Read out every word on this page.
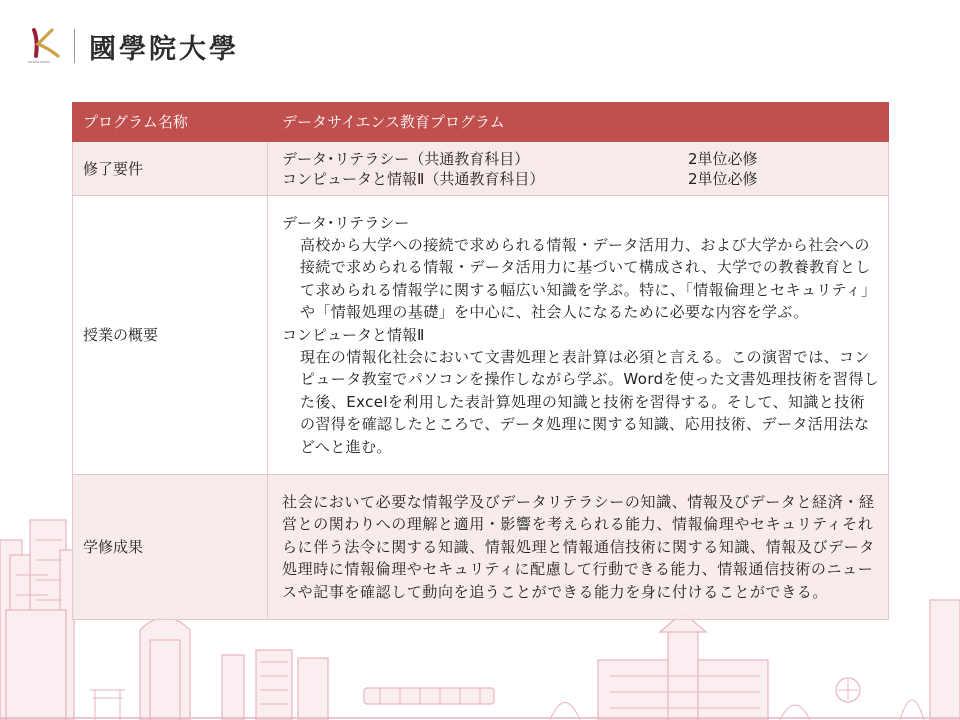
KOKUGAKUIN	國學院大學
プログラム名称	データサイエンス教育プログラム
修了要件	データ･リテラシー（共通教育科目） 2単位必修
コンピュータと情報Ⅱ（共通教育科目） 2単位必修

授業の概要	データ･リテラシー
高校から大学への接続で求められる情報・データ活用力、および大学から社会への接続で求められる情報・データ活用力に基づいて構成され、大学での教養教育として求められる情報学に関する幅広い知識を学ぶ。特に、「情報倫理とセキュリティ」や「情報処理の基礎」を中心に、社会人になるために必要な内容を学ぶ。
コンピュータと情報Ⅱ
現在の情報化社会において文書処理と表計算は必須と言える。この演習では、コンピュータ教室でパソコンを操作しながら学ぶ。Wordを使った文書処理技術を習得した後、Excelを利用した表計算処理の知識と技術を習得する。そして、知識と技術の習得を確認したところで、データ処理に関する知識、応用技術、データ活用法などへと進む。

学修成果	社会において必要な情報学及びデータリテラシーの知識、情報及びデータと経済・経営との関わりへの理解と適用・影響を考えられる能力、情報倫理やセキュリティそれらに伴う法令に関する知識、情報処理と情報通信技術に関する知識、情報及びデータ処理時に情報倫理やセキュリティに配慮して行動できる能力、情報通信技術のニュースや記事を確認して動向を追うことができる能力を身に付けることができる。
